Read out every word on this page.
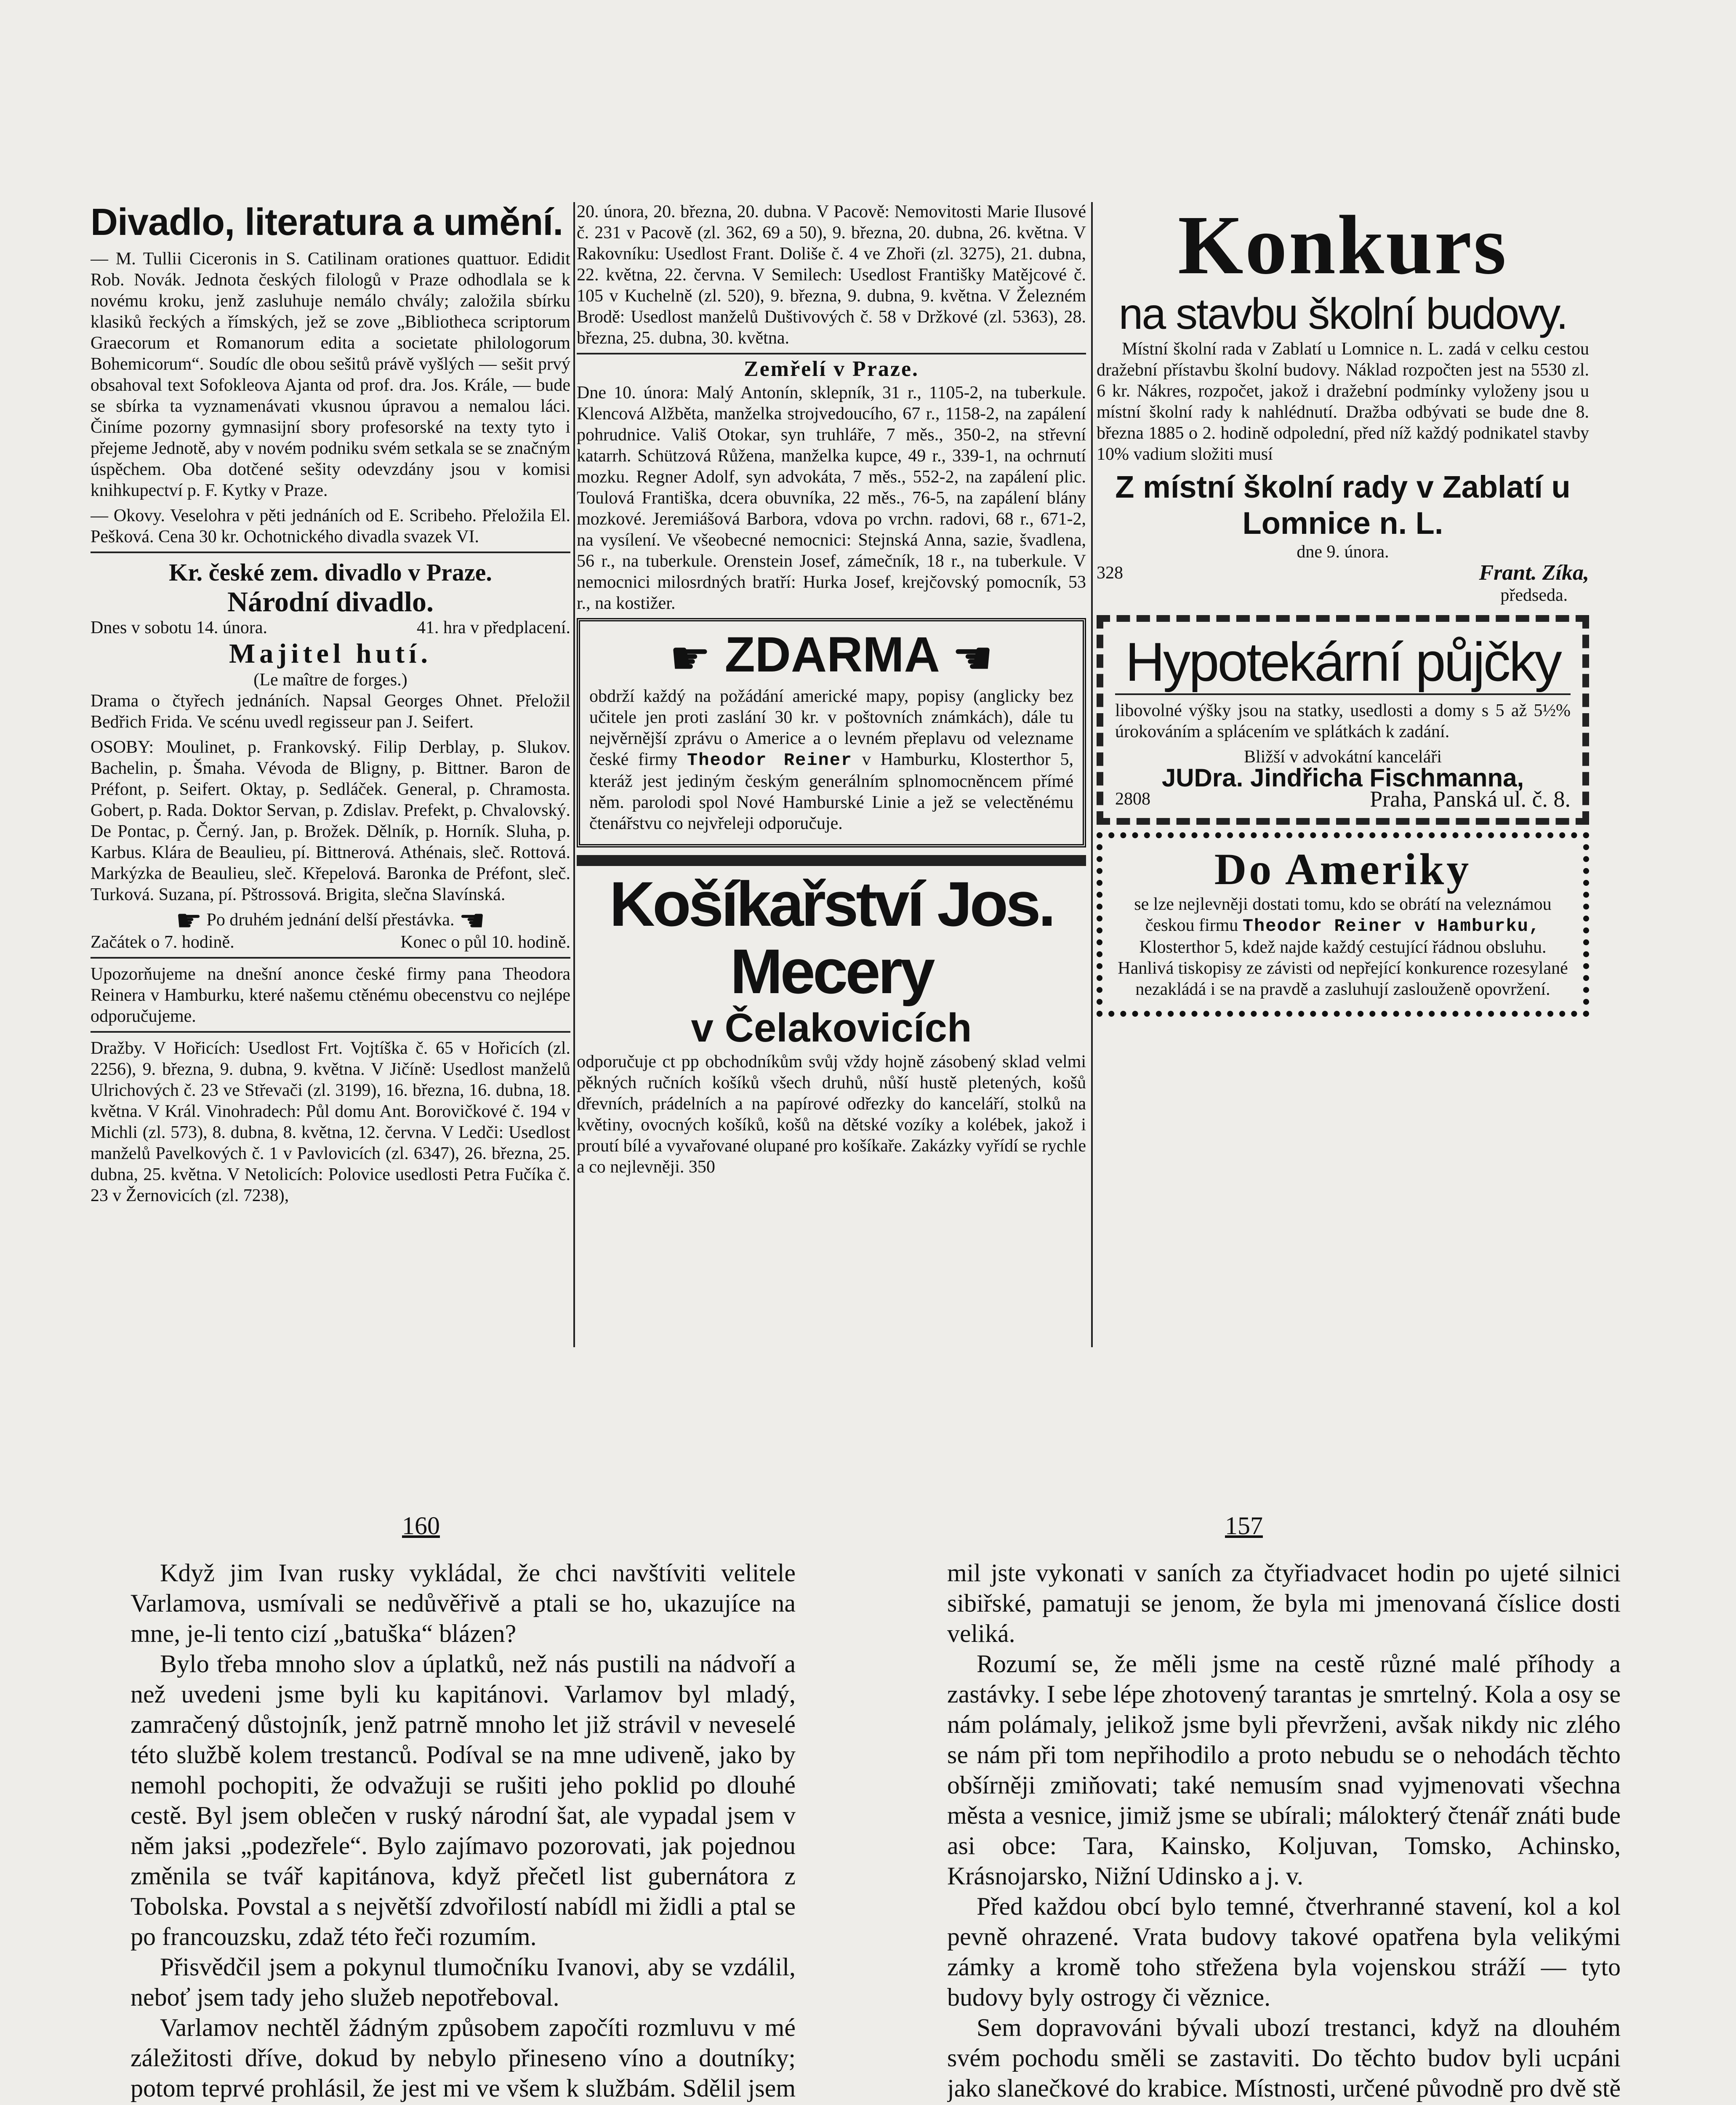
Divadlo, literatura a umění.

— M. Tullii Ciceronis in S. Catilinam orationes quattuor. Edidit Rob. Novák. Jednota českých filologů v Praze odhodlala se k novému kroku, jenž zasluhuje nemálo chvály; založila sbírku klasiků řeckých a římských, jež se zove „Bibliotheca scriptorum Graecorum et Romanorum edita a societate philologorum Bohemicorum“. Soudíc dle obou sešitů právě vyšlých — sešit prvý obsahoval text Sofokleova Ajanta od prof. dra. Jos. Krále, — bude se sbírka ta vyznamenávati vkusnou úpravou a nemalou láci. Činíme pozorny gymnasijní sbory profesorské na texty tyto i přejeme Jednotě, aby v novém podniku svém setkala se se značným úspěchem. Oba dotčené sešity odevzdány jsou v komisi knihkupectví p. F. Kytky v Praze.

— Okovy. Veselohra v pěti jednáních od E. Scribeho. Přeložila El. Pešková. Cena 30 kr. Ochotnického divadla svazek VI.

Kr. české zem. divadlo v Praze.
Národní divadlo.
Dnes v sobotu 14. února.	41. hra v předplacení.
Majitel hutí.
(Le maître de forges.)

Drama o čtyřech jednáních. Napsal Georges Ohnet. Přeložil Bedřich Frida. Ve scénu uvedl regisseur pan J. Seifert.

OSOBY: Moulinet, p. Frankovský. Filip Derblay, p. Slukov. Bachelin, p. Šmaha. Vévoda de Bligny, p. Bittner. Baron de Préfont, p. Seifert. Oktay, p. Sedláček. General, p. Chramosta. Gobert, p. Rada. Doktor Servan, p. Zdislav. Prefekt, p. Chvalovský. De Pontac, p. Černý. Jan, p. Brožek. Dělník, p. Horník. Sluha, p. Karbus. Klára de Beaulieu, pí. Bittnerová. Athénais, sleč. Rottová. Markýzka de Beaulieu, sleč. Křepelová. Baronka de Préfont, sleč. Turková. Suzana, pí. Pštrossová. Brigita, slečna Slavínská.

☛ Po druhém jednání delší přestávka. ☚
Začátek o 7. hodině.	Konec o půl 10. hodině.

Upozorňujeme na dnešní anonce české firmy pana Theodora Reinera v Hamburku, které našemu ctěnému obecenstvu co nejlépe odporučujeme.

Dražby. V Hořicích: Usedlost Frt. Vojtíška č. 65 v Hořicích (zl. 2256), 9. března, 9. dubna, 9. května. V Jičíně: Usedlost manželů Ulrichových č. 23 ve Střevači (zl. 3199), 16. března, 16. dubna, 18. května. V Král. Vinohradech: Půl domu Ant. Borovičkové č. 194 v Michli (zl. 573), 8. dubna, 8. května, 12. června. V Ledči: Usedlost manželů Pavelkových č. 1 v Pavlovicích (zl. 6347), 26. března, 25. dubna, 25. května. V Netolicích: Polovice usedlosti Petra Fučíka č. 23 v Žernovicích (zl. 7238),

20. února, 20. března, 20. dubna. V Pacově: Nemovitosti Marie Ilusové č. 231 v Pacově (zl. 362, 69 a 50), 9. března, 20. dubna, 26. května. V Rakovníku: Usedlost Frant. Doliše č. 4 ve Zhoři (zl. 3275), 21. dubna, 22. května, 22. června. V Semilech: Usedlost Františky Matějcové č. 105 v Kuchelně (zl. 520), 9. března, 9. dubna, 9. května. V Železném Brodě: Usedlost manželů Duštivových č. 58 v Držkové (zl. 5363), 28. března, 25. dubna, 30. května.

Zemřelí v Praze.

Dne 10. února: Malý Antonín, sklepník, 31 r., 1105-2, na tuberkule. Klencová Alžběta, manželka strojvedoucího, 67 r., 1158-2, na zapálení pohrudnice. Vališ Otokar, syn truhláře, 7 měs., 350-2, na střevní katarrh. Schützová Růžena, manželka kupce, 49 r., 339-1, na ochrnutí mozku. Regner Adolf, syn advokáta, 7 měs., 552-2, na zapálení plic. Toulová Františka, dcera obuvníka, 22 měs., 76-5, na zapálení blány mozkové. Jeremiášová Barbora, vdova po vrchn. radovi, 68 r., 671-2, na vysílení. Ve všeobecné nemocnici: Stejnská Anna, sazie, švadlena, 56 r., na tuberkule. Orenstein Josef, zámečník, 18 r., na tuberkule. V nemocnici milosrdných bratří: Hurka Josef, krejčovský pomocník, 53 r., na kostižer.

☛ ZDARMA ☚

obdrží každý na požádání americké mapy, popisy (anglicky bez učitele jen proti zaslání 30 kr. v poštovních známkách), dále tu nejvěrnější zprávu o Americe a o levném přeplavu od velezname české firmy Theodor Reiner v Hamburku, Klosterthor 5, kteráž jest jediným českým generálním splnomocněncem přímé něm. parolodi spol Nové Hamburské Linie a jež se velectěnému čtenářstvu co nejvřeleji odporučuje.

Košíkařství Jos. Mecery
v Čelakovicích

odporučuje ct pp obchodníkům svůj vždy hojně zásobený sklad velmi pěkných ručních košíků všech druhů, nůší hustě pletených, košů dřevních, prádelních a na papírové odřezky do kanceláří, stolků na květiny, ovocných košíků, košů na dětské vozíky a kolébek, jakož i proutí bílé a vyvařované olupané pro košíkaře. Zakázky vyřídí se rychle a co nejlevněji. 350

Konkurs
na stavbu školní budovy.

Místní školní rada v Zablatí u Lomnice n. L. zadá v celku cestou dražební přístavbu školní budovy. Náklad rozpočten jest na 5530 zl. 6 kr. Nákres, rozpočet, jakož i dražební podmínky vyloženy jsou u místní školní rady k nahlédnutí. Dražba odbývati se bude dne 8. března 1885 o 2. hodině odpolední, před níž každý podnikatel stavby 10% vadium složiti musí

Z místní školní rady v Zablatí u Lomnice n. L.
dne 9. února.
328	Frant. Zíka,
předseda.
Hypotekární půjčky

libovolné výšky jsou na statky, usedlosti a domy s 5 až 5½% úrokováním a splácením ve splátkách k zadání.

Bližší v advokátní kanceláři
JUDra. Jindřicha Fischmanna,
2808	Praha, Panská ul. č. 8.
Do Ameriky

se lze nejlevněji dostati tomu, kdo se obrátí na veleznámou českou firmu Theodor Reiner v Hamburku, Klosterthor 5, kdež najde každý cestující řádnou obsluhu. Hanlivá tiskopisy ze závisti od nepřející konkurence rozesylané nezakládá i se na pravdě a zasluhují zaslouženě opovržení.

160	157

Když jim Ivan rusky vykládal, že chci navštíviti velitele Varlamova, usmívali se nedůvěřivě a ptali se ho, ukazujíce na mne, je-li tento cizí „batuška“ blázen?

Bylo třeba mnoho slov a úplatků, než nás pustili na nádvoří a než uvedeni jsme byli ku kapitánovi. Varlamov byl mladý, zamračený důstojník, jenž patrně mnoho let již strávil v neveselé této službě kolem trestanců. Podíval se na mne udiveně, jako by nemohl pochopiti, že odvažuji se rušiti jeho poklid po dlouhé cestě. Byl jsem oblečen v ruský národní šat, ale vypadal jsem v něm jaksi „podezřele“. Bylo zajímavo pozorovati, jak pojednou změnila se tvář kapitánova, když přečetl list gubernátora z Tobolska. Povstal a s největší zdvořilostí nabídl mi židli a ptal se po francouzsku, zdaž této řeči rozumím.

Přisvědčil jsem a pokynul tlumočníku Ivanovi, aby se vzdálil, neboť jsem tady jeho služeb nepotřeboval.

Varlamov nechtěl žádným způsobem započíti rozmluvu v mé záležitosti dříve, dokud by nebylo přineseno víno a doutníky; potom teprvé prohlásil, že jest mi ve všem k službám. Sdělil jsem

mil jste vykonati v saních za čtyřiadvacet hodin po ujeté silnici sibiřské, pamatuji se jenom, že byla mi jmenovaná číslice dosti veliká.

Rozumí se, že měli jsme na cestě různé malé příhody a zastávky. I sebe lépe zhotovený tarantas je smrtelný. Kola a osy se nám polámaly, jelikož jsme byli převrženi, avšak nikdy nic zlého se nám při tom nepřihodilo a proto nebudu se o nehodách těchto obšírněji zmiňovati; také nemusím snad vyjmenovati všechna města a vesnice, jimiž jsme se ubírali; málokterý čtenář znáti bude asi obce: Tara, Kainsko, Koljuvan, Tomsko, Achinsko, Krásnojarsko, Nižní Udinsko a j. v.

Před každou obcí bylo temné, čtverhranné stavení, kol a kol pevně ohrazené. Vrata budovy takové opatřena byla velikými zámky a kromě toho střežena byla vojenskou stráží — tyto budovy byly ostrogy či věznice.

Sem dopravováni bývali ubozí trestanci, když na dlouhém svém pochodu směli se zastaviti. Do těchto budov byli ucpáni jako slanečkové do krabice. Místnosti, určené původně pro dvě stě
